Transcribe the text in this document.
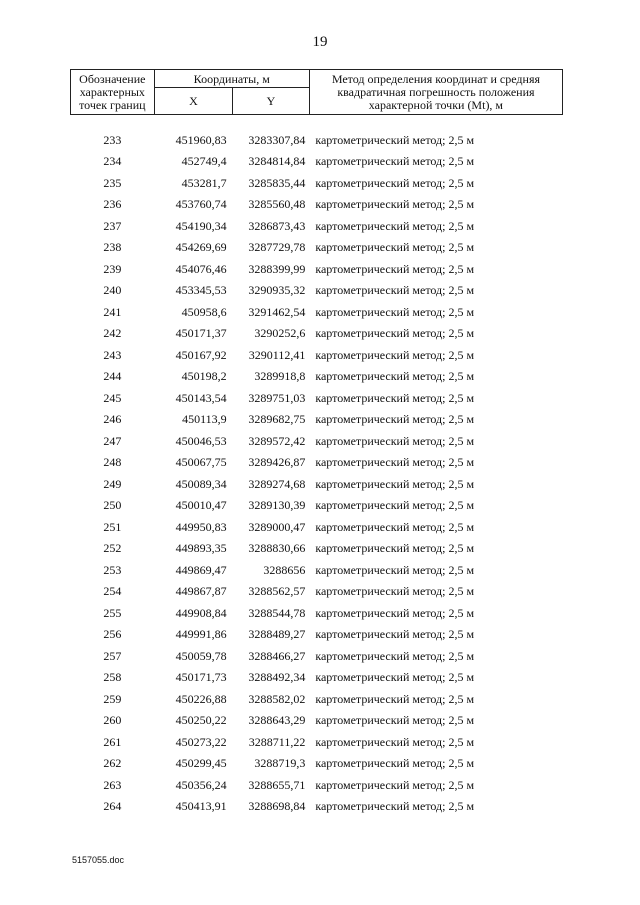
19
Обозначение характерных точек границ	Координаты, м		Метод определения координат и средняя квадратичная погрешность положения характерной точки (Mt), м
	X	Y	

233	451960,83	3283307,84	картометрический метод; 2,5 м
234	452749,4	3284814,84	картометрический метод; 2,5 м
235	453281,7	3285835,44	картометрический метод; 2,5 м
236	453760,74	3285560,48	картометрический метод; 2,5 м
237	454190,34	3286873,43	картометрический метод; 2,5 м
238	454269,69	3287729,78	картометрический метод; 2,5 м
239	454076,46	3288399,99	картометрический метод; 2,5 м
240	453345,53	3290935,32	картометрический метод; 2,5 м
241	450958,6	3291462,54	картометрический метод; 2,5 м
242	450171,37	3290252,6	картометрический метод; 2,5 м
243	450167,92	3290112,41	картометрический метод; 2,5 м
244	450198,2	3289918,8	картометрический метод; 2,5 м
245	450143,54	3289751,03	картометрический метод; 2,5 м
246	450113,9	3289682,75	картометрический метод; 2,5 м
247	450046,53	3289572,42	картометрический метод; 2,5 м
248	450067,75	3289426,87	картометрический метод; 2,5 м
249	450089,34	3289274,68	картометрический метод; 2,5 м
250	450010,47	3289130,39	картометрический метод; 2,5 м
251	449950,83	3289000,47	картометрический метод; 2,5 м
252	449893,35	3288830,66	картометрический метод; 2,5 м
253	449869,47	3288656	картометрический метод; 2,5 м
254	449867,87	3288562,57	картометрический метод; 2,5 м
255	449908,84	3288544,78	картометрический метод; 2,5 м
256	449991,86	3288489,27	картометрический метод; 2,5 м
257	450059,78	3288466,27	картометрический метод; 2,5 м
258	450171,73	3288492,34	картометрический метод; 2,5 м
259	450226,88	3288582,02	картометрический метод; 2,5 м
260	450250,22	3288643,29	картометрический метод; 2,5 м
261	450273,22	3288711,22	картометрический метод; 2,5 м
262	450299,45	3288719,3	картометрический метод; 2,5 м
263	450356,24	3288655,71	картометрический метод; 2,5 м
264	450413,91	3288698,84	картометрический метод; 2,5 м
5157055.doc
